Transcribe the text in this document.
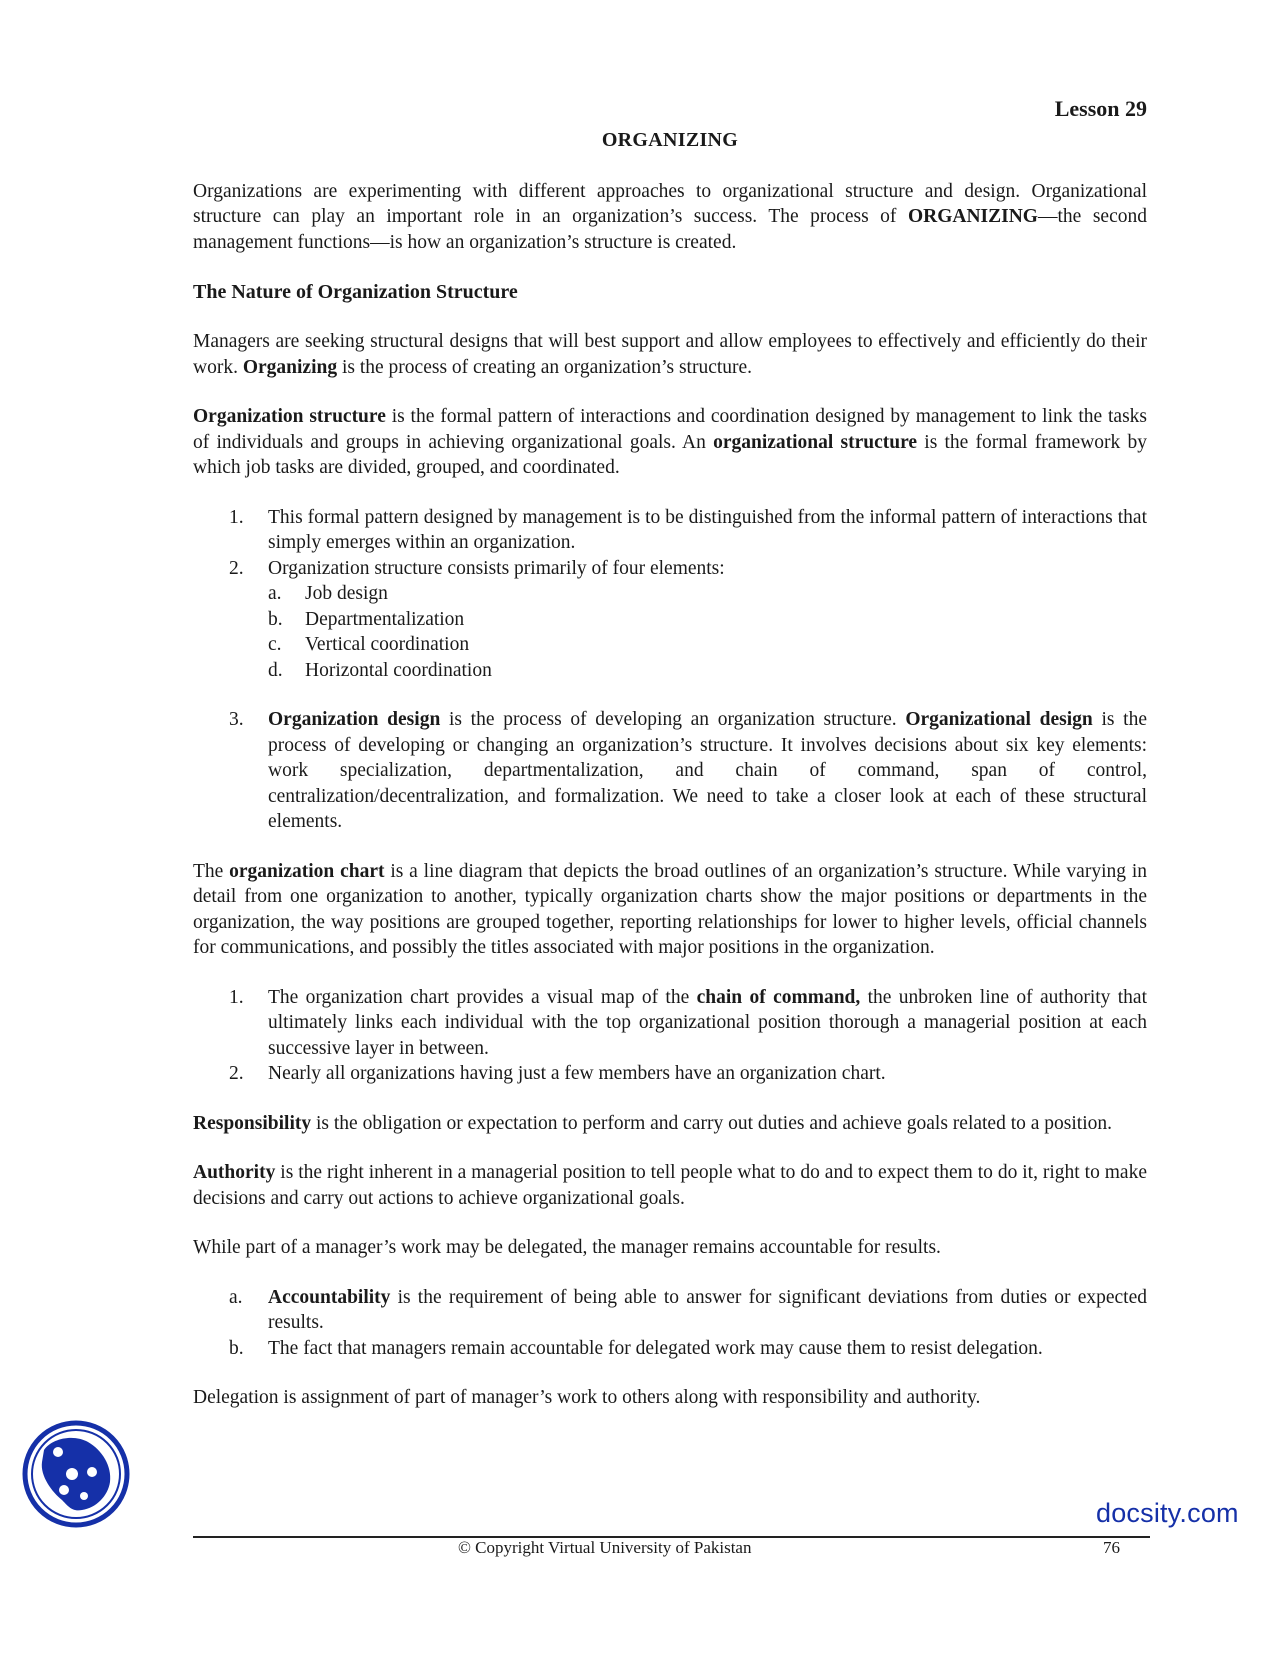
Lesson 29
ORGANIZING

Organizations are experimenting with different approaches to organizational structure and design. Organizational structure can play an important role in an organization’s success. The process of ORGANIZING—the second management functions—is how an organization’s structure is created.

The Nature of Organization Structure

Managers are seeking structural designs that will best support and allow employees to effectively and efficiently do their work. Organizing is the process of creating an organization’s structure.

Organization structure is the formal pattern of interactions and coordination designed by management to link the tasks of individuals and groups in achieving organizational goals. An organizational structure is the formal framework by which job tasks are divided, grouped, and coordinated.

1. This formal pattern designed by management is to be distinguished from the informal pattern of interactions that simply emerges within an organization.
2. Organization structure consists primarily of four elements:
a. Job design
b. Departmentalization
c. Vertical coordination
d. Horizontal coordination
3. Organization design is the process of developing an organization structure. Organizational design is the process of developing or changing an organization’s structure. It involves decisions about six key elements: work specialization, departmentalization, and chain of command, span of control, centralization/decentralization, and formalization. We need to take a closer look at each of these structural elements.

The organization chart is a line diagram that depicts the broad outlines of an organization’s structure. While varying in detail from one organization to another, typically organization charts show the major positions or departments in the organization, the way positions are grouped together, reporting relationships for lower to higher levels, official channels for communications, and possibly the titles associated with major positions in the organization.

1. The organization chart provides a visual map of the chain of command, the unbroken line of authority that ultimately links each individual with the top organizational position thorough a managerial position at each successive layer in between.
2. Nearly all organizations having just a few members have an organization chart.

Responsibility is the obligation or expectation to perform and carry out duties and achieve goals related to a position.

Authority is the right inherent in a managerial position to tell people what to do and to expect them to do it, right to make decisions and carry out actions to achieve organizational goals.

While part of a manager’s work may be delegated, the manager remains accountable for results.

a. Accountability is the requirement of being able to answer for significant deviations from duties or expected results.
b. The fact that managers remain accountable for delegated work may cause them to resist delegation.

Delegation is assignment of part of manager’s work to others along with responsibility and authority.

docsity.com
© Copyright Virtual University of Pakistan	76
